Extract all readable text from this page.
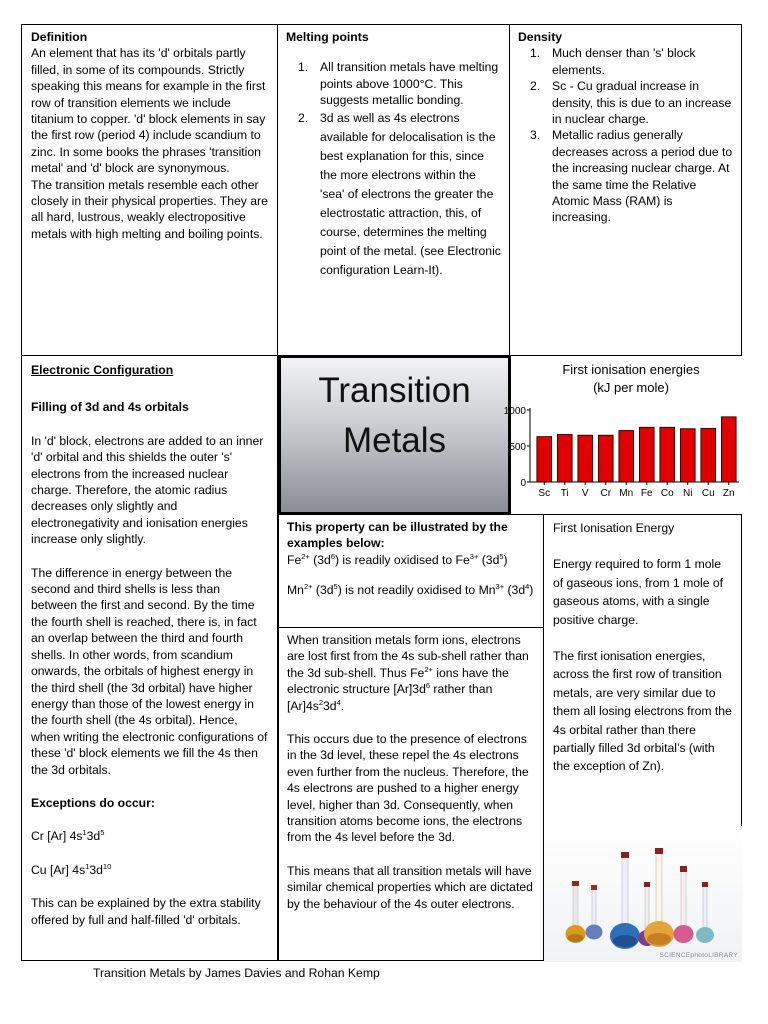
Definition

An element that has its 'd' orbitals partly filled, in some of its compounds. Strictly speaking this means for example in the first row of transition elements we include titanium to copper. 'd' block elements in say the first row (period 4) include scandium to zinc. In some books the phrases 'transition metal' and 'd' block are synonymous.

The transition metals resemble each other closely in their physical properties. They are all hard, lustrous, weakly electropositive metals with high melting and boiling points.

Melting points

1. All transition metals have melting points above 1000°C. This suggests metallic bonding.
2. 3d as well as 4s electrons available for delocalisation is the best explanation for this, since the more electrons within the 'sea' of electrons the greater the electrostatic attraction, this, of course, determines the melting point of the metal. (see Electronic configuration Learn-It).

Density

1. Much denser than 's' block elements.
2. Sc - Cu gradual increase in density, this is due to an increase in nuclear charge.
3. Metallic radius generally decreases across a period due to the increasing nuclear charge. At the same time the Relative Atomic Mass (RAM) is increasing.

Electronic Configuration

Filling of 3d and 4s orbitals

In 'd' block, electrons are added to an inner 'd' orbital and this shields the outer 's' electrons from the increased nuclear charge. Therefore, the atomic radius decreases only slightly and electronegativity and ionisation energies increase only slightly.

The difference in energy between the second and third shells is less than between the first and second. By the time the fourth shell is reached, there is, in fact an overlap between the third and fourth shells. In other words, from scandium onwards, the orbitals of highest energy in the third shell (the 3d orbital) have higher energy than those of the lowest energy in the fourth shell (the 4s orbital). Hence, when writing the electronic configurations of these 'd' block elements we fill the 4s then the 3d orbitals.

Exceptions do occur:

Cr [Ar] $4s^13d^5$

Cu [Ar] $4s^13d^{10}$

This can be explained by the extra stability offered by full and half-filled 'd' orbitals.

Transition
Metals
First ionisation energies
(kJ per mole)
0
500
1000
Sc Ti V Cr Mn Fe Co Ni Cu Zn

This property can be illustrated by the examples below:

$Fe^{2+}$ $(3d^6)$ is readily oxidised to $Fe^{3+}$ $(3d^5)$

$Mn^{2+}$ $(3d^5)$ is not readily oxidised to $Mn^{3+}$ $(3d^4)$

When transition metals form ions, electrons are lost first from the 4s sub-shell rather than the 3d sub-shell. Thus $Fe^{2+}$ ions have the electronic structure $[Ar]3d^6$ rather than $[Ar]4s^23d^4$.

This occurs due to the presence of electrons in the 3d level, these repel the 4s electrons even further from the nucleus. Therefore, the 4s electrons are pushed to a higher energy level, higher than 3d. Consequently, when transition atoms become ions, the electrons from the 4s level before the 3d.

This means that all transition metals will have similar chemical properties which are dictated by the behaviour of the 4s outer electrons.

First Ionisation Energy

Energy required to form 1 mole of gaseous ions, from 1 mole of gaseous atoms, with a single positive charge.

The first ionisation energies, across the first row of transition metals, are very similar due to them all losing electrons from the 4s orbital rather than there partially filled 3d orbital’s (with the exception of Zn).

SCIENCEphotoLIBRARY
Transition Metals by James Davies and Rohan Kemp
